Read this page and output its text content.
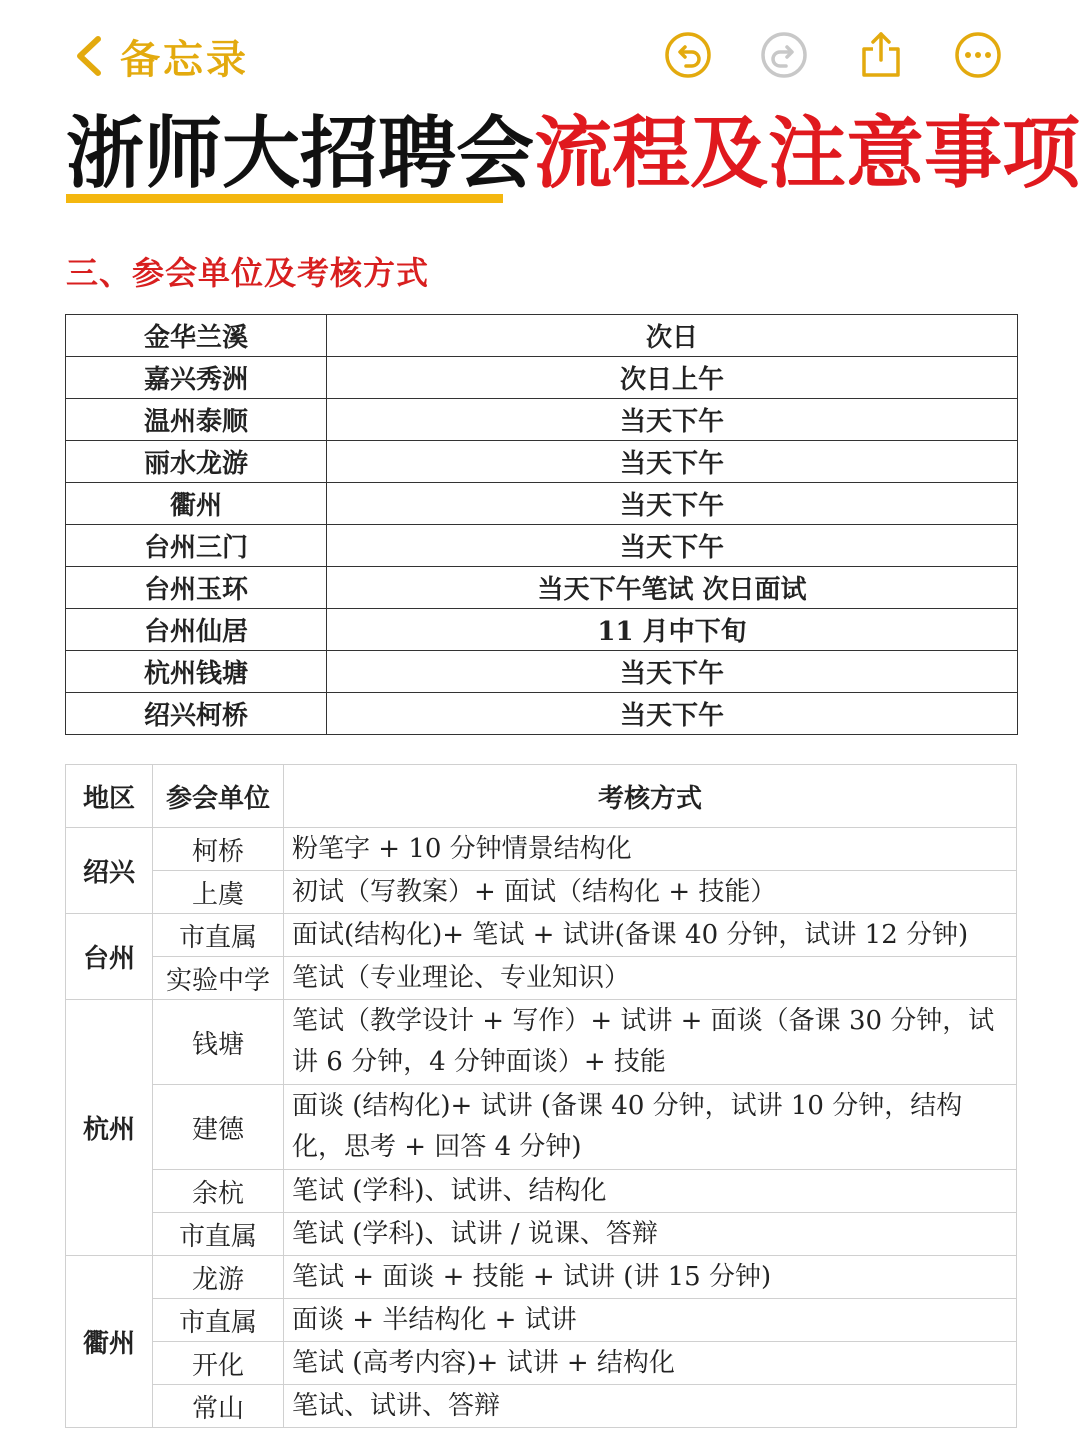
备忘录
浙师大招聘会流程及注意事项
三、参会单位及考核方式
金华兰溪	次日
嘉兴秀洲	次日上午
温州泰顺	当天下午
丽水龙游	当天下午
衢州	当天下午
台州三门	当天下午
台州玉环	当天下午笔试 次日面试
台州仙居	11 月中下旬
杭州钱塘	当天下午
绍兴柯桥	当天下午
地区	参会单位	考核方式
绍兴	柯桥	粉笔字 + 10 分钟情景结构化
	上虞	初试（写教案）+ 面试（结构化 + 技能）
台州	市直属	面试(结构化)+ 笔试 + 试讲(备课 40 分钟，试讲 12 分钟)
	实验中学	笔试（专业理论、专业知识）
杭州	钱塘	笔试（教学设计 + 写作）+ 试讲 + 面谈（备课 30 分钟，试讲 6 分钟，4 分钟面谈）+ 技能
	建德	面谈 (结构化)+ 试讲 (备课 40 分钟，试讲 10 分钟，结构化，思考 + 回答 4 分钟)
	余杭	笔试 (学科)、试讲、结构化
	市直属	笔试 (学科)、试讲 / 说课、答辩
衢州	龙游	笔试 + 面谈 + 技能 + 试讲 (讲 15 分钟)
	市直属	面谈 + 半结构化 + 试讲
	开化	笔试 (高考内容)+ 试讲 + 结构化
	常山	笔试、试讲、答辩
